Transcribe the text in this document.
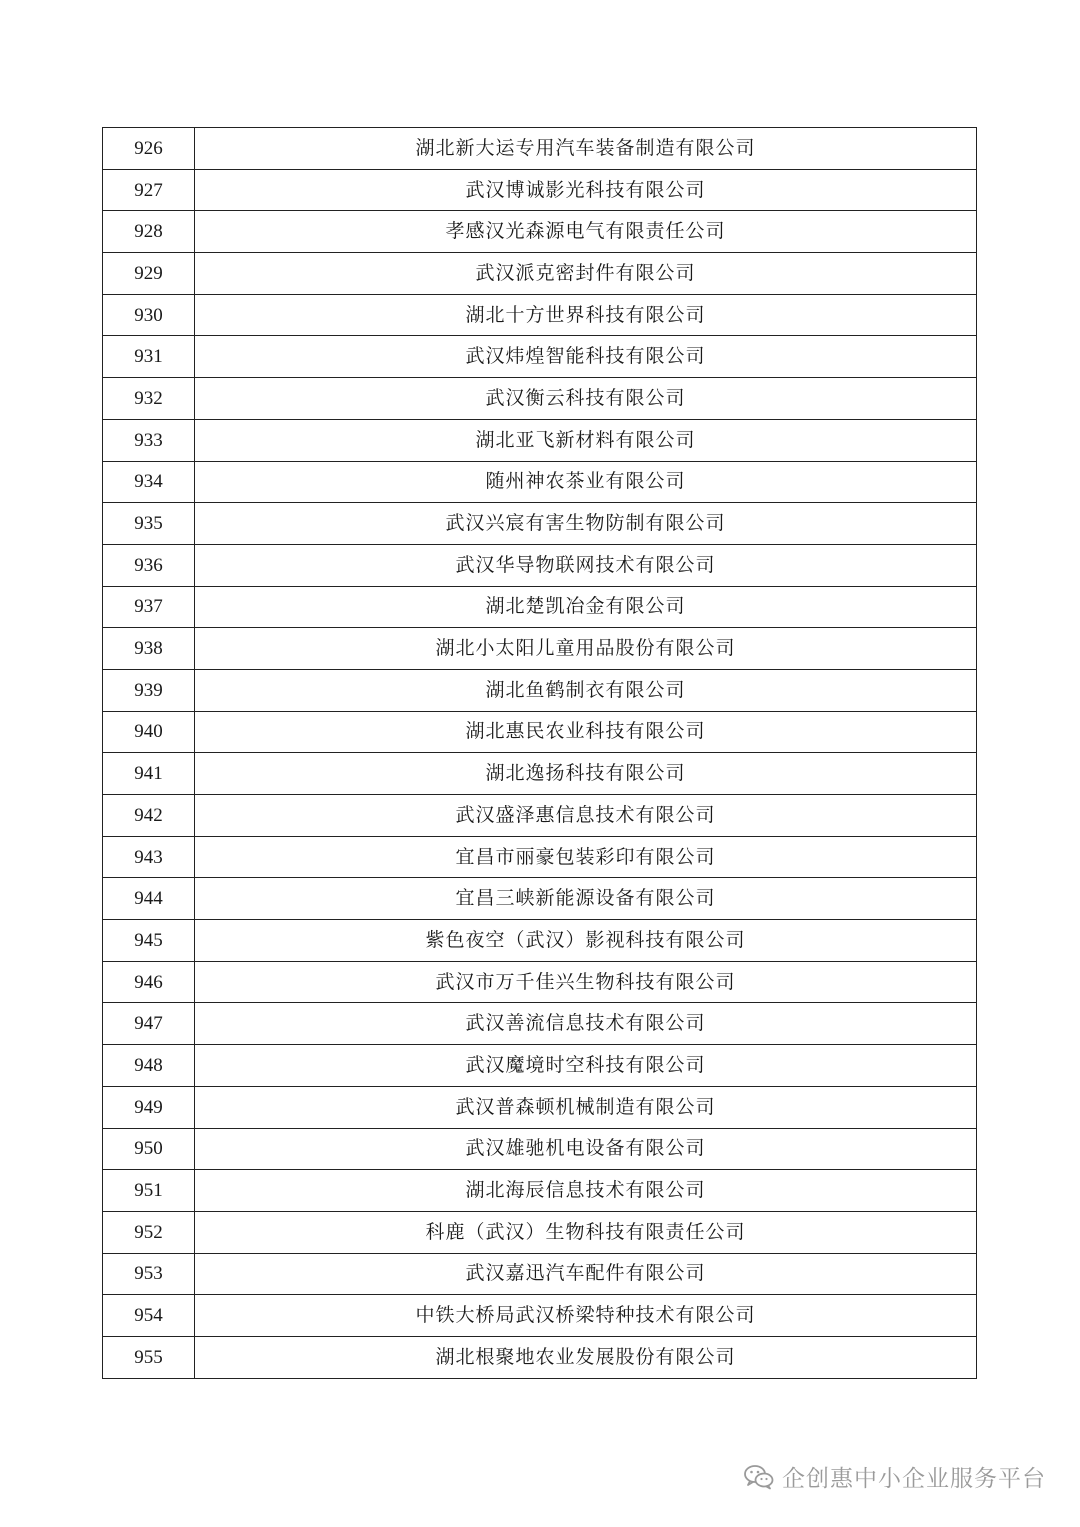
926	湖北新大运专用汽车装备制造有限公司
927	武汉博诚影光科技有限公司
928	孝感汉光森源电气有限责任公司
929	武汉派克密封件有限公司
930	湖北十方世界科技有限公司
931	武汉炜煌智能科技有限公司
932	武汉衡云科技有限公司
933	湖北亚飞新材料有限公司
934	随州神农茶业有限公司
935	武汉兴宸有害生物防制有限公司
936	武汉华导物联网技术有限公司
937	湖北楚凯冶金有限公司
938	湖北小太阳儿童用品股份有限公司
939	湖北鱼鹤制衣有限公司
940	湖北惠民农业科技有限公司
941	湖北逸扬科技有限公司
942	武汉盛泽惠信息技术有限公司
943	宜昌市丽豪包装彩印有限公司
944	宜昌三峡新能源设备有限公司
945	紫色夜空（武汉）影视科技有限公司
946	武汉市万千佳兴生物科技有限公司
947	武汉善流信息技术有限公司
948	武汉魔境时空科技有限公司
949	武汉普森顿机械制造有限公司
950	武汉雄驰机电设备有限公司
951	湖北海辰信息技术有限公司
952	科鹿（武汉）生物科技有限责任公司
953	武汉嘉迅汽车配件有限公司
954	中铁大桥局武汉桥梁特种技术有限公司
955	湖北根聚地农业发展股份有限公司
企创惠中小企业服务平台
